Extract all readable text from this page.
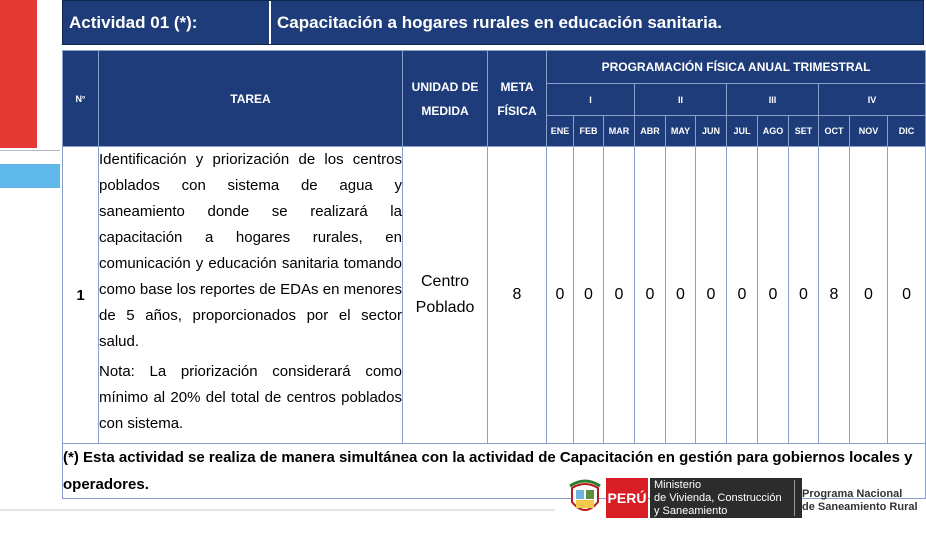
Actividad 01 (*):	Capacitación a hogares rurales en educación sanitaria.
N°	TAREA	UNIDAD DE MEDIDA	META FÍSICA	PROGRAMACIÓN FÍSICA ANUAL TRIMESTRAL											
				I			II			III			IV		
				ENE	FEB	MAR	ABR	MAY	JUN	JUL	AGO	SET	OCT	NOV	DIC
1	Identificación y priorización de los centros poblados con sistema de agua y saneamiento donde se realizará la capacitación a hogares rurales, en comunicación y educación sanitaria tomando como base los reportes de EDAs en menores de 5 años, proporcionados por el sector salud.

Nota: La priorización considerará como mínimo al 20% del total de centros poblados con sistema.	Centro Poblado	8	0	0	0	0	0	0	0	0	0	8	0	0
(*) Esta actividad se realiza de manera simultánea con la actividad de Capacitación en gestión para gobiernos locales y operadores.															
PERÚ
Ministerio
de Vivienda, Construcción
y Saneamiento
Programa Nacional
de Saneamiento Rural
